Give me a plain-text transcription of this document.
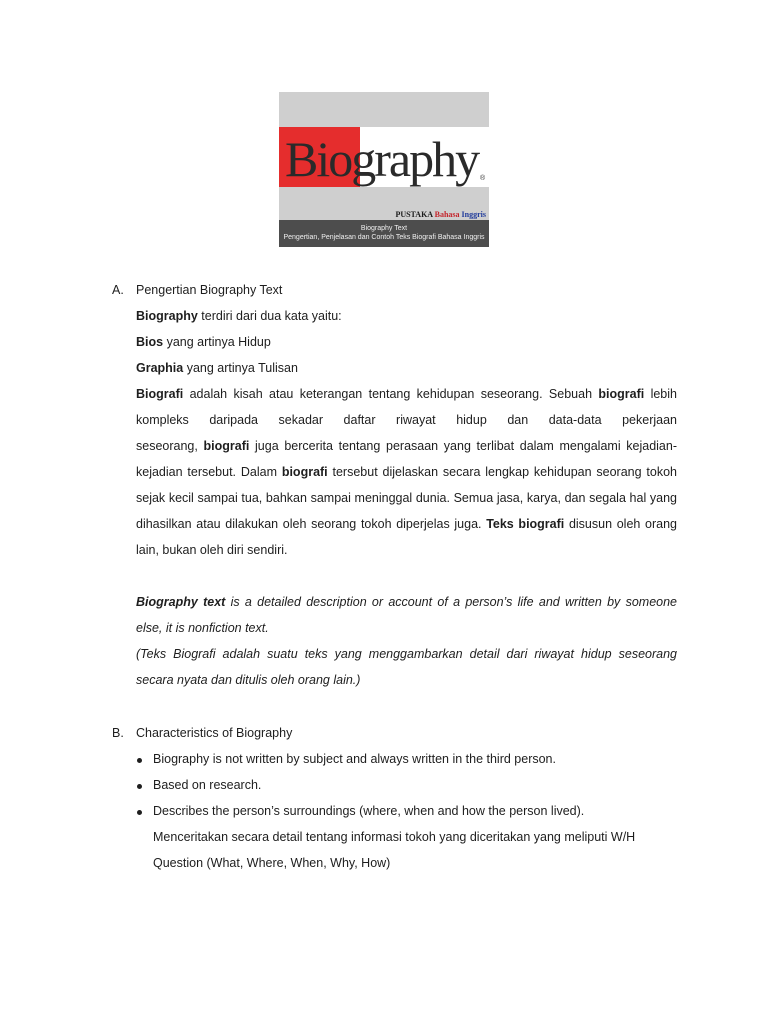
Biography ®
PUSTAKA Bahasa Inggris
Biography Text
Pengertian, Penjelasan dan Contoh Teks Biografi Bahasa Inggris
A. Pengertian Biography Text
Biography terdiri dari dua kata yaitu:
Bios yang artinya Hidup
Graphia yang artinya Tulisan
Biografi adalah kisah atau keterangan tentang kehidupan seseorang. Sebuah biografi lebih
kompleks daripada sekadar daftar riwayat hidup dan data-data pekerjaan
seseorang, biografi juga bercerita tentang perasaan yang terlibat dalam mengalami kejadian-
kejadian tersebut. Dalam biografi tersebut dijelaskan secara lengkap kehidupan seorang tokoh
sejak kecil sampai tua, bahkan sampai meninggal dunia. Semua jasa, karya, dan segala hal yang
dihasilkan atau dilakukan oleh seorang tokoh diperjelas juga. Teks biografi disusun oleh orang
lain, bukan oleh diri sendiri.
Biography text is a detailed description or account of a person’s life and written by someone
else, it is nonfiction text.
(Teks Biografi adalah suatu teks yang menggambarkan detail dari riwayat hidup seseorang
secara nyata dan ditulis oleh orang lain.)
B. Characteristics of Biography
Biography is not written by subject and always written in the third person.
Based on research.
Describes the person’s surroundings (where, when and how the person lived).
Menceritakan secara detail tentang informasi tokoh yang diceritakan yang meliputi W/H
Question (What, Where, When, Why, How)
